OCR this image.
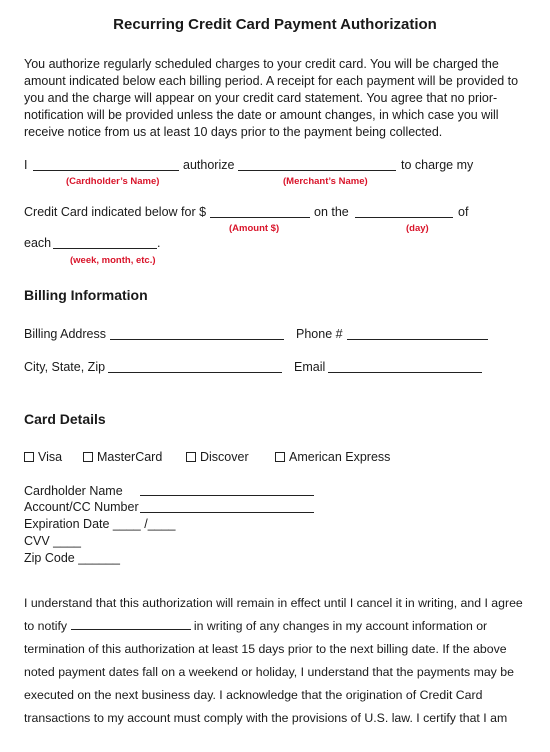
Recurring Credit Card Payment Authorization
You authorize regularly scheduled charges to your credit card. You will be charged the amount indicated below each billing period. A receipt for each payment will be provided to you and the charge will appear on your credit card statement. You agree that no prior-notification will be provided unless the date or amount changes, in which case you will receive notice from us at least 10 days prior to the payment being collected.
I	authorize	to charge my
(Cardholder’s Name)	(Merchant’s Name)
Credit Card indicated below for $	on the	of
(Amount $)	(day)
each	.
(week, month, etc.)
Billing Information
Billing Address	Phone #
City, State, Zip	Email
Card Details
Visa	MasterCard	Discover	American Express
Cardholder Name
Account/CC Number
Expiration Date ____ /____
CVV ____
Zip Code ______
I understand that this authorization will remain in effect until I cancel it in writing, and I agree to notify	in writing of any changes in my account information or termination of this authorization at least 15 days prior to the next billing date. If the above noted payment dates fall on a weekend or holiday, I understand that the payments may be executed on the next business day. I acknowledge that the origination of Credit Card transactions to my account must comply with the provisions of U.S. law. I certify that I am
